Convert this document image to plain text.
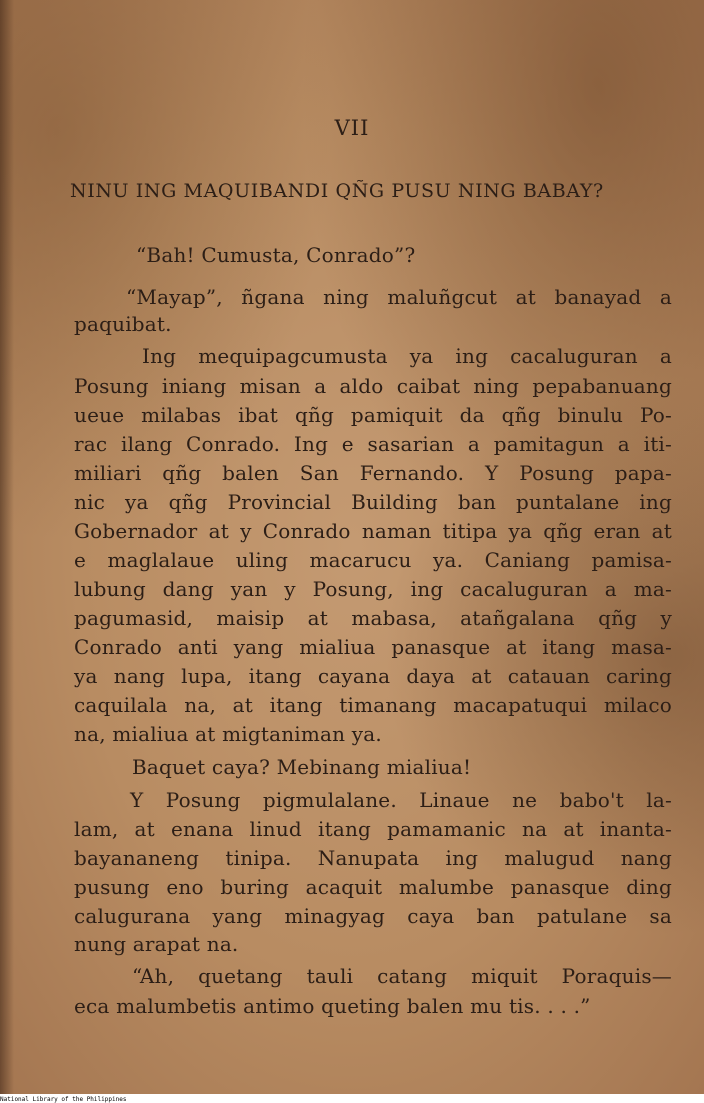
VII
NINU ING MAQUIBANDI QÑG PUSU NING BABAY?
“Bah! Cumusta, Conrado”?
“Mayap”, ñgana ning maluñgcut at banayad a
paquibat.
Ing mequipagcumusta ya ing cacaluguran a
Posung iniang misan a aldo caibat ning pepabanuang
ueue milabas ibat qñg pamiquit da qñg binulu Po-
rac ilang Conrado. Ing e sasarian a pamitagun a iti-
miliari qñg balen San Fernando. Y Posung papa-
nic ya qñg Provincial Building ban puntalane ing
Gobernador at y Conrado naman titipa ya qñg eran at
e maglalaue uling macarucu ya. Caniang pamisa-
lubung dang yan y Posung, ing cacaluguran a ma-
pagumasid, maisip at mabasa, atañgalana qñg y
Conrado anti yang mialiua panasque at itang masa-
ya nang lupa, itang cayana daya at catauan caring
caquilala na, at itang timanang macapatuqui milaco
na, mialiua at migtaniman ya.
Baquet caya? Mebinang mialiua!
Y Posung pigmulalane. Linaue ne babo't la-
lam, at enana linud itang pamamanic na at inanta-
bayananeng tinipa. Nanupata ing malugud nang
pusung eno buring acaquit malumbe panasque ding
calugurana yang minagyag caya ban patulane sa
nung arapat na.
“Ah, quetang tauli catang miquit Poraquis—
eca malumbetis antimo queting balen mu tis. . . .”
National Library of the Philippines
